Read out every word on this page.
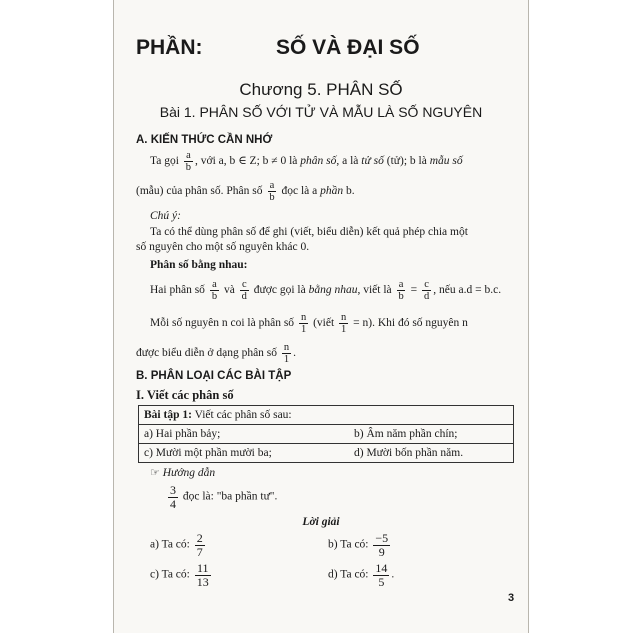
PHẦN:	SỐ VÀ ĐẠI SỐ
Chương 5. PHÂN SỐ
Bài 1. PHÂN SỐ VỚI TỬ VÀ MẪU LÀ SỐ NGUYÊN
A. KIẾN THỨC CẦN NHỚ
Ta gọi $\frac{a}{b}$ , với a, b ∈ Z; b ≠ 0 là phân số, a là tử số (tử); b là mẫu số
(mẫu) của phân số. Phân số $\frac{a}{b}$ đọc là a phần b.
Chú ý:
Ta có thể dùng phân số để ghi (viết, biểu diễn) kết quả phép chia một
số nguyên cho một số nguyên khác 0.
Phân số bằng nhau:
Hai phân số $\frac{a}{b}$ và $\frac{c}{d}$ được gọi là bằng nhau, viết là $\frac{a}{b} = \frac{c}{d}$ , nếu a.d = b.c.
Mỗi số nguyên n coi là phân số $\frac{n}{1}$ (viết $\frac{n}{1} = n$). Khi đó số nguyên n
được biểu diễn ở dạng phân số $\frac{n}{1}$ .
B. PHÂN LOẠI CÁC BÀI TẬP
I. Viết các phân số
Bài tập 1: Viết các phân số sau:
a) Hai phần bảy;	b) Âm năm phần chín;
c) Mười một phần mười ba;	d) Mười bốn phần năm.
☞ Hướng dẫn
$\frac{3}{4}$ đọc là: "ba phần tư".
Lời giải
a) Ta có: $\frac{2}{7}$	b) Ta có: $\frac{-5}{9}$
c) Ta có: $\frac{11}{13}$	d) Ta có: $\frac{14}{5}$ .
3
